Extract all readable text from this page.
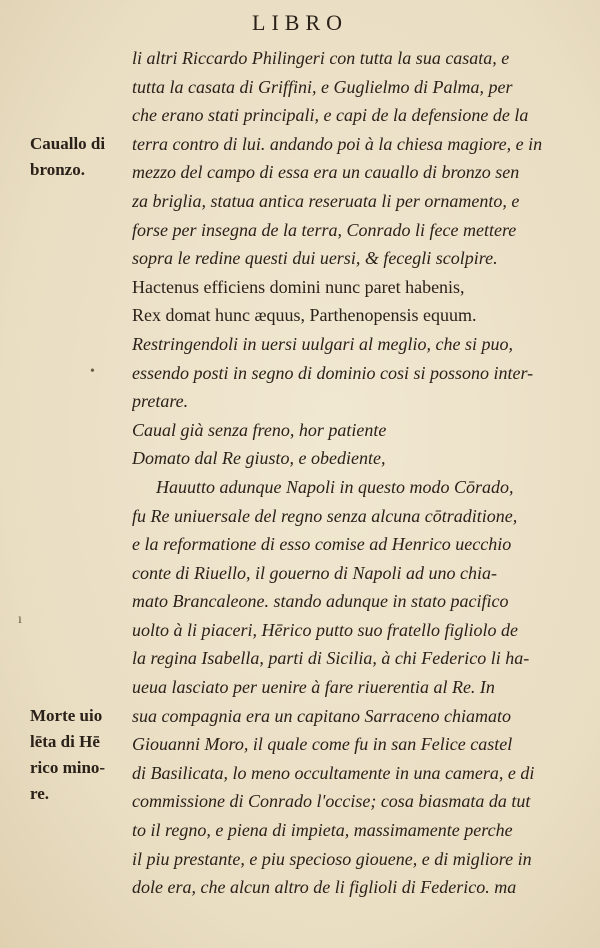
LIBRO
Cauallo di
bronzo.
Morte uio
lēta di Hē
rico mino-
re.
•
ı
li altri Riccardo Philingeri con tutta la sua casata, e
tutta la casata di Griffini, e Guglielmo di Palma, per
che erano stati principali, e capi de la defensione de la
terra contro di lui. andando poi à la chiesa magiore, e in
mezzo del campo di essa era un cauallo di bronzo sen
za briglia, statua antica reseruata li per ornamento, e
forse per insegna de la terra, Conrado li fece mettere
sopra le redine questi dui uersi, & fecegli scolpire.
Hactenus efficiens domini nunc paret habenis,
Rex domat hunc æquus, Parthenopensis equum.
Restringendoli in uersi uulgari al meglio, che si puo,
essendo posti in segno di dominio cosi si possono inter-
pretare.
Caual già senza freno, hor patiente
Domato dal Re giusto, e obediente,
Hauutto adunque Napoli in questo modo Cōrado,
fu Re uniuersale del regno senza alcuna cōtraditione,
e la reformatione di esso comise ad Henrico uecchio
conte di Riuello, il gouerno di Napoli ad uno chia-
mato Brancaleone. stando adunque in stato pacifico
uolto à li piaceri, Hērico putto suo fratello figliolo de
la regina Isabella, parti di Sicilia, à chi Federico li ha-
ueua lasciato per uenire à fare riuerentia al Re. In
sua compagnia era un capitano Sarraceno chiamato
Giouanni Moro, il quale come fu in san Felice castel
di Basilicata, lo meno occultamente in una camera, e di
commissione di Conrado l'occise; cosa biasmata da tut
to il regno, e piena di impieta, massimamente perche
il piu prestante, e piu specioso giouene, e di migliore in
dole era, che alcun altro de li figlioli di Federico. ma
